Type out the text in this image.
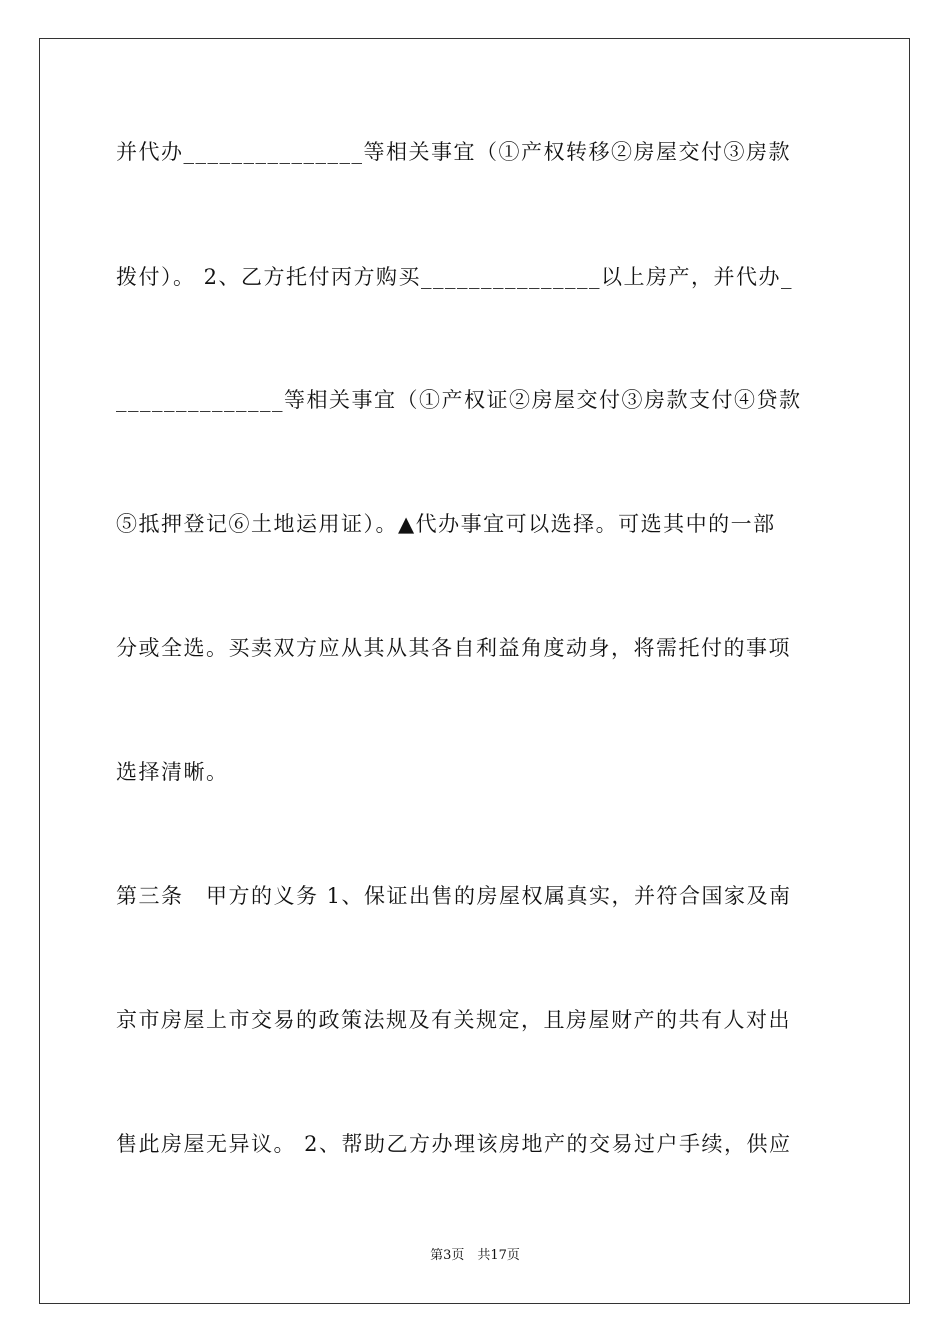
并代办_______________等相关事宜（①产权转移②房屋交付③房款
拨付）。 2、乙方托付丙方购买_______________以上房产，并代办_
______________等相关事宜（①产权证②房屋交付③房款支付④贷款
⑤抵押登记⑥土地运用证）。▲代办事宜可以选择。可选其中的一部
分或全选。买卖双方应从其从其各自利益角度动身，将需托付的事项
选择清晰。
第三条　甲方的义务 1、保证出售的房屋权属真实，并符合国家及南
京市房屋上市交易的政策法规及有关规定，且房屋财产的共有人对出
售此房屋无异议。 2、帮助乙方办理该房地产的交易过户手续，供应
第3页　共17页
